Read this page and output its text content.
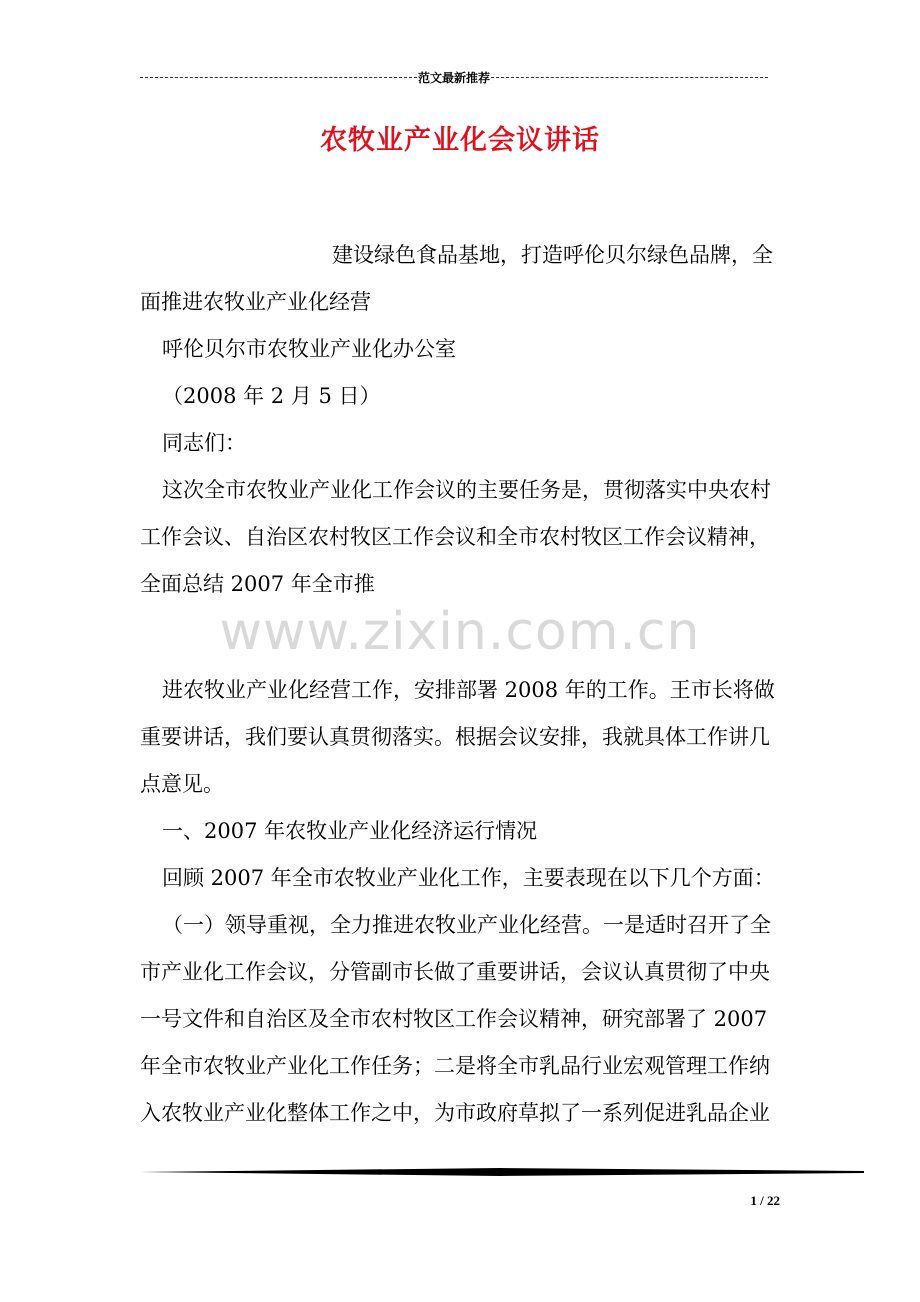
范文最新推荐
农牧业产业化会议讲话

建设绿色食品基地，打造呼伦贝尔绿色品牌，全

面推进农牧业产业化经营

呼伦贝尔市农牧业产业化办公室

（2008 年 2 月 5 日）

同志们：

这次全市农牧业产业化工作会议的主要任务是，贯彻落实中央农村

工作会议、自治区农村牧区工作会议和全市农村牧区工作会议精神，

全面总结 2007 年全市推

www.zixin.com.cn

进农牧业产业化经营工作，安排部署 2008 年的工作。王市长将做

重要讲话，我们要认真贯彻落实。根据会议安排，我就具体工作讲几

点意见。

一、2007 年农牧业产业化经济运行情况

回顾 2007 年全市农牧业产业化工作，主要表现在以下几个方面：

（一）领导重视，全力推进农牧业产业化经营。一是适时召开了全

市产业化工作会议，分管副市长做了重要讲话，会议认真贯彻了中央

一号文件和自治区及全市农村牧区工作会议精神，研究部署了 2007

年全市农牧业产业化工作任务；二是将全市乳品行业宏观管理工作纳

入农牧业产业化整体工作之中，为市政府草拟了一系列促进乳品企业

1 / 22
